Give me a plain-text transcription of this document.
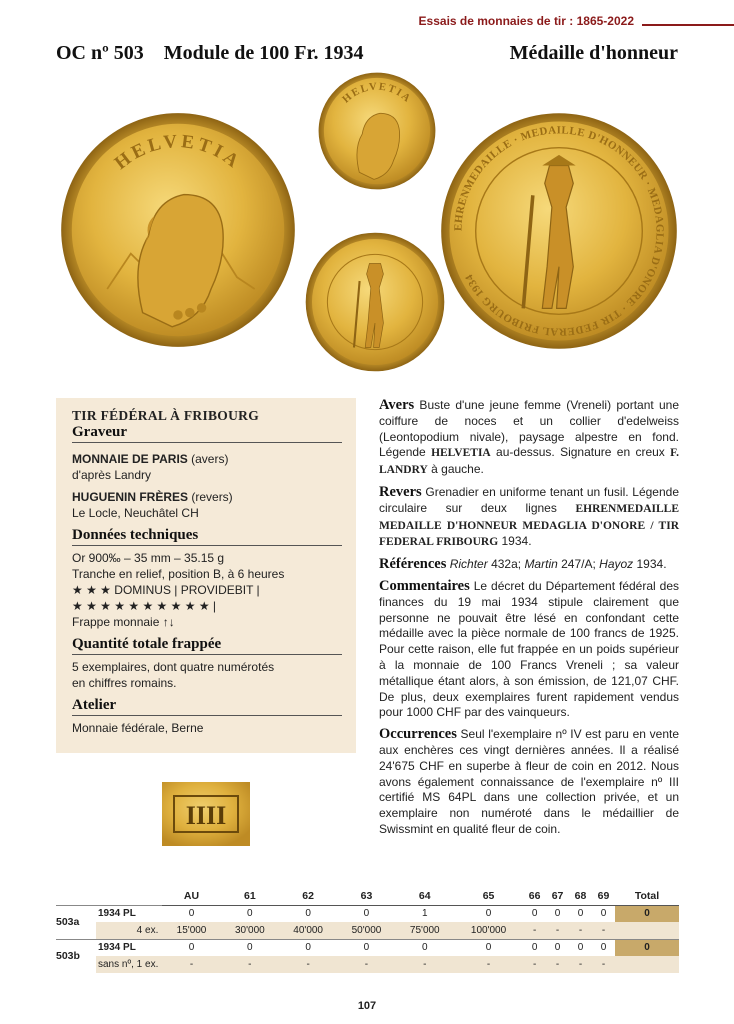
Essais de monnaies de tir : 1865-2022
OC nº 503    Module de 100 Fr. 1934	Médaille d'honneur
HELVETIA
HELVETIA
EHRENMEDAILLE · MEDAILLE D'HONNEUR · MEDAGLIA D'ONORE · TIR FEDERAL FRIBOURG 1934
TIR FÉDÉRAL À FRIBOURG
Graveur
MONNAIE DE PARIS (avers)
d'après Landry
HUGUENIN FRÈRES (revers)
Le Locle, Neuchâtel CH
Données techniques
Or 900‰ – 35 mm – 35.15 g
Tranche en relief, position B, à 6 heures
★ ★ ★ DOMINUS | PROVIDEBIT |
★ ★ ★ ★ ★ ★ ★ ★ ★ ★ |
Frappe monnaie ↑↓
Quantité totale frappée
5 exemplaires, dont quatre numérotés
en chiffres romains.
Atelier
Monnaie fédérale, Berne

Avers Buste d'une jeune femme (Vreneli) portant une coiffure de noces et un collier d'edelweiss (Leontopodium nivale), paysage alpestre en fond. Légende HELVETIA au-dessus. Signature en creux F. LANDRY à gauche.

Revers Grenadier en uniforme tenant un fusil. Légende circulaire sur deux lignes EHRENMEDAILLE MEDAILLE D'HONNEUR MEDAGLIA D'ONORE / TIR FEDERAL FRIBOURG 1934.

Références Richter 432a; Martin 247/A; Hayoz 1934.

Commentaires Le décret du Département fédéral des finances du 19 mai 1934 stipule clairement que personne ne pouvait être lésé en confondant cette médaille avec la pièce normale de 100 francs de 1925. Pour cette raison, elle fut frappée en un poids supérieur à la monnaie de 100 Francs Vreneli ; sa valeur métallique étant alors, à son émission, de 121,07 CHF. De plus, deux exemplaires furent rapidement vendus pour 1000 CHF par des vainqueurs.

Occurrences Seul l'exemplaire nº IV est paru en vente aux enchères ces vingt dernières années. Il a réalisé 24'675 CHF en superbe à fleur de coin en 2012. Nous avons également connaissance de l'exemplaire nº III certifié MS 64PL dans une collection privée, et un exemplaire non numéroté dans le médaillier de Swissmint en qualité fleur de coin.

IIII
		AU	61	62	63	64	65	66	67	68	69	Total
503a	1934 PL	0	0	0	0	1	0	0	0	0	0	0
	4 ex.	15'000	30'000	40'000	50'000	75'000	100'000	-	-	-	-	
503b	1934 PL	0	0	0	0	0	0	0	0	0	0	0
	sans nº, 1 ex.	-	-	-	-	-	-	-	-	-	-	
107
